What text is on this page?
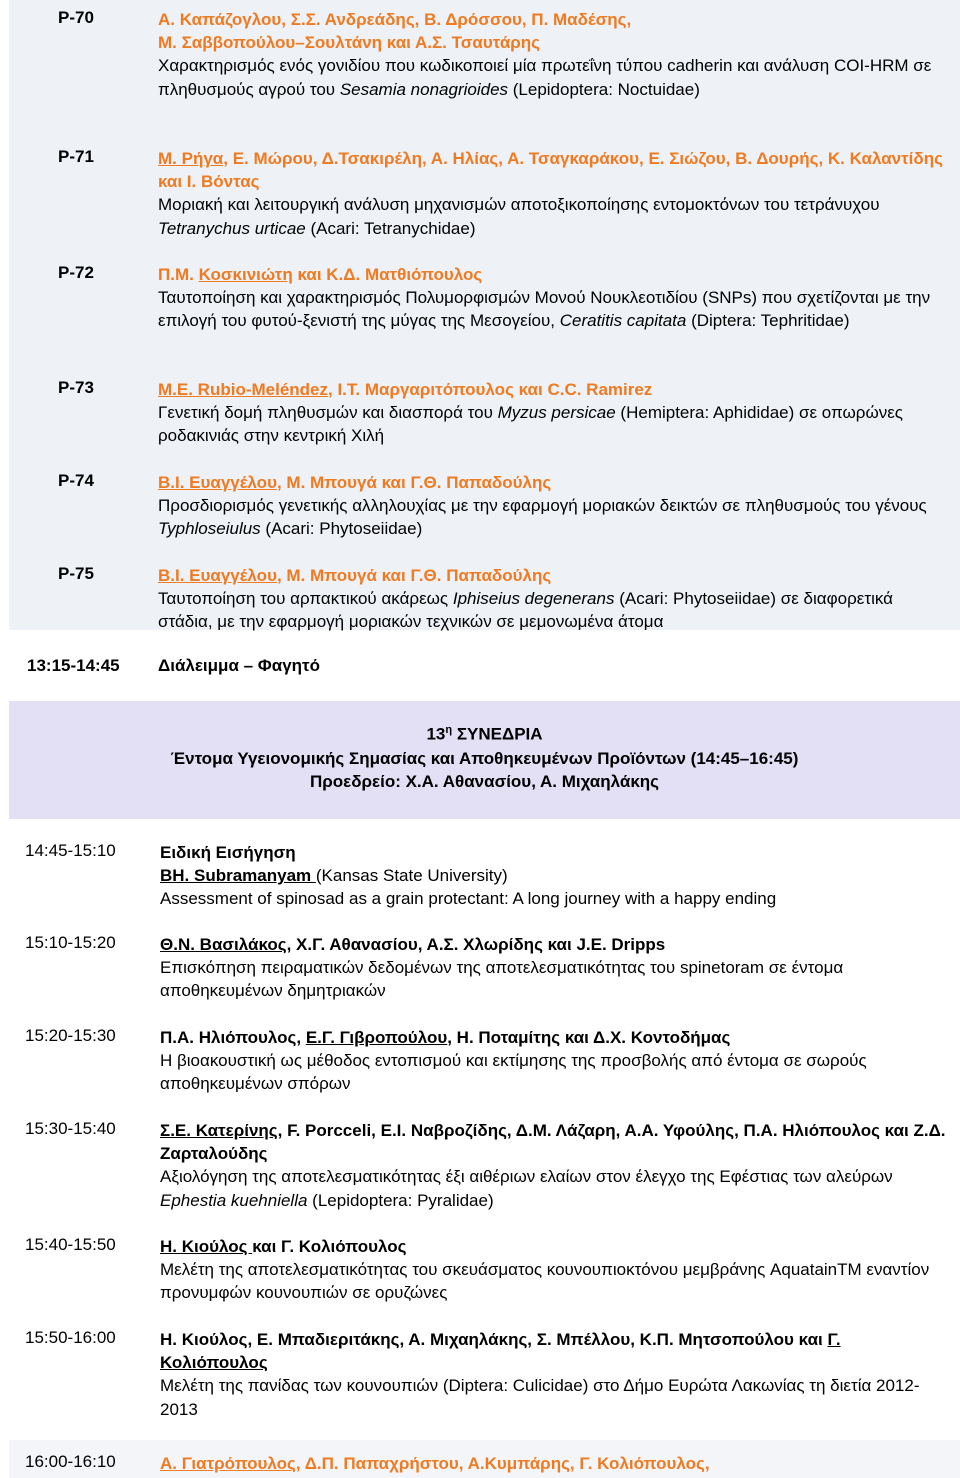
P-70	Α. Καπάζογλου, Σ.Σ. Ανδρεάδης, Β. Δρόσσου, Π. Μαδέσης,
Μ. Σαββοπούλου–Σουλτάνη και Α.Σ. Τσαυτάρης
Χαρακτηρισμός ενός γονιδίου που κωδικοποιεί μία πρωτεΐνη τύπου cadherin και ανάλυση COI-HRM σε πληθυσμούς αγρού του Sesamia nonagrioides (Lepidoptera: Noctuidae)
P-71	Μ. Ρήγα, Ε. Μώρου, Δ.Τσακιρέλη, Α. Ηλίας, Α. Τσαγκαράκου, Ε. Σιώζου, Β. Δουρής, Κ. Καλαντίδης και Ι. Βόντας
Μοριακή και λειτουργική ανάλυση μηχανισμών αποτοξικοποίησης εντομοκτόνων του τετράνυχου Tetranychus urticae (Acari: Tetranychidae)
P-72	Π.Μ. Κοσκινιώτη και Κ.Δ. Ματθιόπουλος
Ταυτοποίηση και χαρακτηρισμός Πολυμορφισμών Μονού Νουκλεοτιδίου (SNPs) που σχετίζονται με την επιλογή του φυτού-ξενιστή της μύγας της Μεσογείου, Ceratitis capitata (Diptera: Tephritidae)
P-73	M.E. Rubio-Meléndez, I.T. Μαργαριτόπουλος και C.C. Ramirez
Γενετική δομή πληθυσμών και διασπορά του Myzus persicae (Hemiptera: Aphididae) σε οπωρώνες ροδακινιάς στην κεντρική Χιλή
P-74	Β.Ι. Ευαγγέλου, Μ. Μπουγά και Γ.Θ. Παπαδούλης
Προσδιορισμός γενετικής αλληλουχίας με την εφαρμογή μοριακών δεικτών σε πληθυσμούς του γένους Typhloseiulus (Acari: Phytoseiidae)
P-75	Β.Ι. Ευαγγέλου, Μ. Μπουγά και Γ.Θ. Παπαδούλης
Ταυτοποίηση του αρπακτικού ακάρεως Iphiseius degenerans (Acari: Phytoseiidae) σε διαφορετικά στάδια, με την εφαρμογή μοριακών τεχνικών σε μεμονωμένα άτομα
13:15-14:45 Διάλειμμα – Φαγητό
$13^\eta$ ΣΥΝΕΔΡΙΑ
Έντομα Υγειονομικής Σημασίας και Αποθηκευμένων Προϊόντων (14:45–16:45)
Προεδρείο: Χ.Α. Αθανασίου, Α. Μιχαηλάκης
14:45-15:10	Ειδική Εισήγηση
BH. Subramanyam (Kansas State University)
Assessment of spinosad as a grain protectant: A long journey with a happy ending
15:10-15:20	Θ.Ν. Βασιλάκος, Χ.Γ. Αθανασίου, Α.Σ. Χλωρίδης και J.E. Dripps
Επισκόπηση πειραματικών δεδομένων της αποτελεσματικότητας του spinetoram σε έντομα αποθηκευμένων δημητριακών
15:20-15:30	Π.Α. Ηλιόπουλος, Ε.Γ. Γιβροπούλου, Η. Ποταμίτης και Δ.Χ. Κοντοδήμας
Η βιοακουστική ως μέθοδος εντοπισμού και εκτίμησης της προσβολής από έντομα σε σωρούς αποθηκευμένων σπόρων
15:30-15:40	Σ.Ε. Κατερίνης, F. Porcceli, Ε.Ι. Ναβροζίδης, Δ.Μ. Λάζαρη, Α.Α. Υφούλης, Π.Α. Ηλιόπουλος και Ζ.Δ. Ζαρταλούδης
Αξιολόγηση της αποτελεσματικότητας έξι αιθέριων ελαίων στον έλεγχο της Εφέστιας των αλεύρων Ephestia kuehniella (Lepidoptera: Pyralidae)
15:40-15:50	Η. Κιούλος και Γ. Κολιόπουλος
Μελέτη της αποτελεσματικότητας του σκευάσματος κουνουπιοκτόνου μεμβράνης AquatainTM εναντίον προνυμφών κουνουπιών σε ορυζώνες
15:50-16:00	Η. Κιούλος, Ε. Μπαδιεριτάκης, Α. Μιχαηλάκης, Σ. Μπέλλου, Κ.Π. Μητσοπούλου και Γ. Κολιόπουλος
Μελέτη της πανίδας των κουνουπιών (Diptera: Culicidae) στο Δήμο Ευρώτα Λακωνίας τη διετία 2012-2013
16:00-16:10	Α. Γιατρόπουλος, Δ.Π. Παπαχρήστου, Α.Κυμπάρης, Γ. Κολιόπουλος,
